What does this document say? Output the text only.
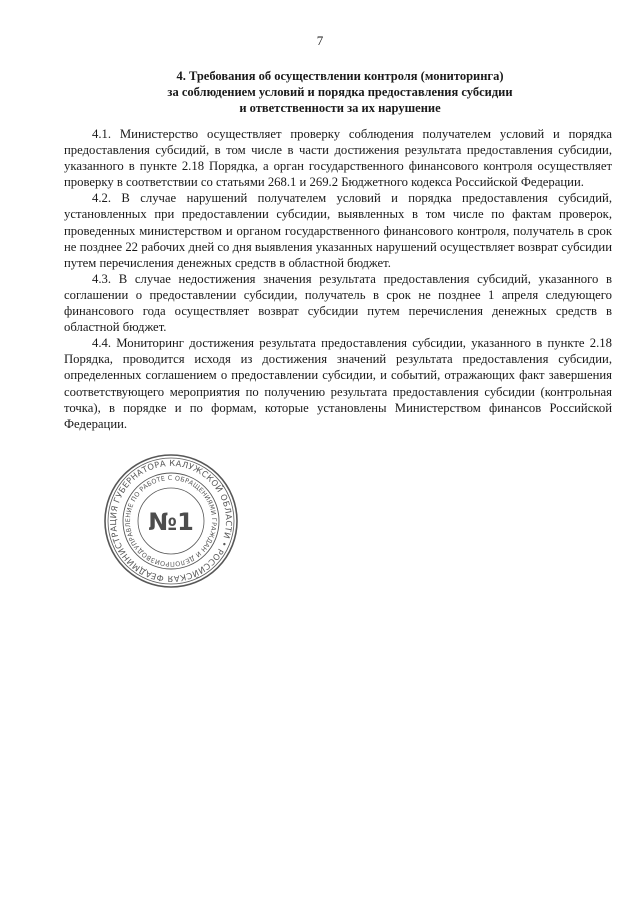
7
4. Требования об осуществлении контроля (мониторинга)
за соблюдением условий и порядка предоставления субсидии
и ответственности за их нарушение

4.1. Министерство осуществляет проверку соблюдения получателем условий и порядка предоставления субсидий, в том числе в части достижения результата предоставления субсидии, указанного в пункте 2.18 Порядка, а орган государственного финансового контроля осуществляет проверку в соответствии со статьями 268.1 и 269.2 Бюджетного кодекса Российской Федерации.

4.2. В случае нарушений получателем условий и порядка предоставления субсидий, установленных при предоставлении субсидии, выявленных в том числе по фактам проверок, проведенных министерством и органом государственного финансового контроля, получатель в срок не позднее 22 рабочих дней со дня выявления указанных нарушений осуществляет возврат субсидии путем перечисления денежных средств в областной бюджет.

4.3. В случае недостижения значения результата предоставления субсидий, указанного в соглашении о предоставлении субсидии, получатель в срок не позднее 1 апреля следующего финансового года осуществляет возврат субсидии путем перечисления денежных средств в областной бюджет.

4.4. Мониторинг достижения результата предоставления субсидии, указанного в пункте 2.18 Порядка, проводится исходя из достижения значений результата предоставления субсидии, определенных соглашением о предоставлении субсидии, и событий, отражающих факт завершения соответствующего мероприятия по получению результата предоставления субсидии (контрольная точка), в порядке и по формам, которые установлены Министерством финансов Российской Федерации.

АДМИНИСТРАЦИЯ ГУБЕРНАТОРА КАЛУЖСКОЙ ОБЛАСТИ • РОССИЙСКАЯ ФЕДЕРАЦИЯ
УПРАВЛЕНИЕ ПО РАБОТЕ С ОБРАЩЕНИЯМИ ГРАЖДАН И ДЕЛОПРОИЗВОДСТВА	№1
